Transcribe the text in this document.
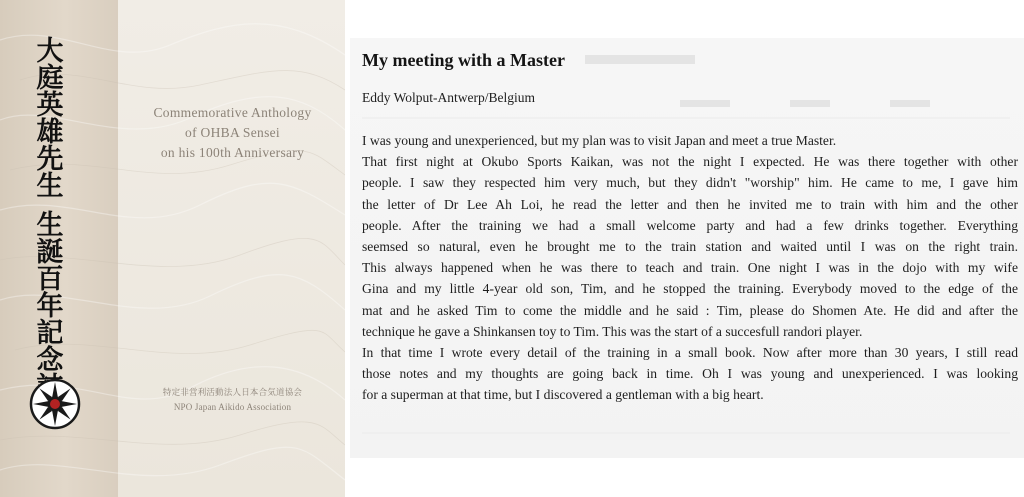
大
庭
英
雄
先
生
生
誕
百
年
記
念
Commemorative Anthology
of OHBA Sensei
on his 100th Anniversary
特定非営利活動法人日本合気道協会
NPO Japan Aikido Association
My meeting with a Master
Eddy Wolput-Antwerp/Belgium
I was young and unexperienced, but my plan was to visit Japan and meet a true Master.
That first night at Okubo Sports Kaikan, was not the night I expected. He was there together with other
people. I saw they respected him very much, but they didn't "worship" him. He came to me, I gave him
the letter of Dr Lee Ah Loi, he read the letter and then he invited me to train with him and the other
people. After the training we had a small welcome party and had a few drinks together. Everything
seemsed so natural, even he brought me to the train station and waited until I was on the right train.
This always happened when he was there to teach and train. One night I was in the dojo with my wife
Gina and my little 4-year old son, Tim, and he stopped the training. Everybody moved to the edge of the
mat and he asked Tim to come the middle and he said : Tim, please do Shomen Ate. He did and after the
technique he gave a Shinkansen toy to Tim. This was the start of a succesfull randori player.
In that time I wrote every detail of the training in a small book. Now after more than 30 years, I still read
those notes and my thoughts are going back in time. Oh I was young and unexperienced. I was looking
for a superman at that time, but I discovered a gentleman with a big heart.
